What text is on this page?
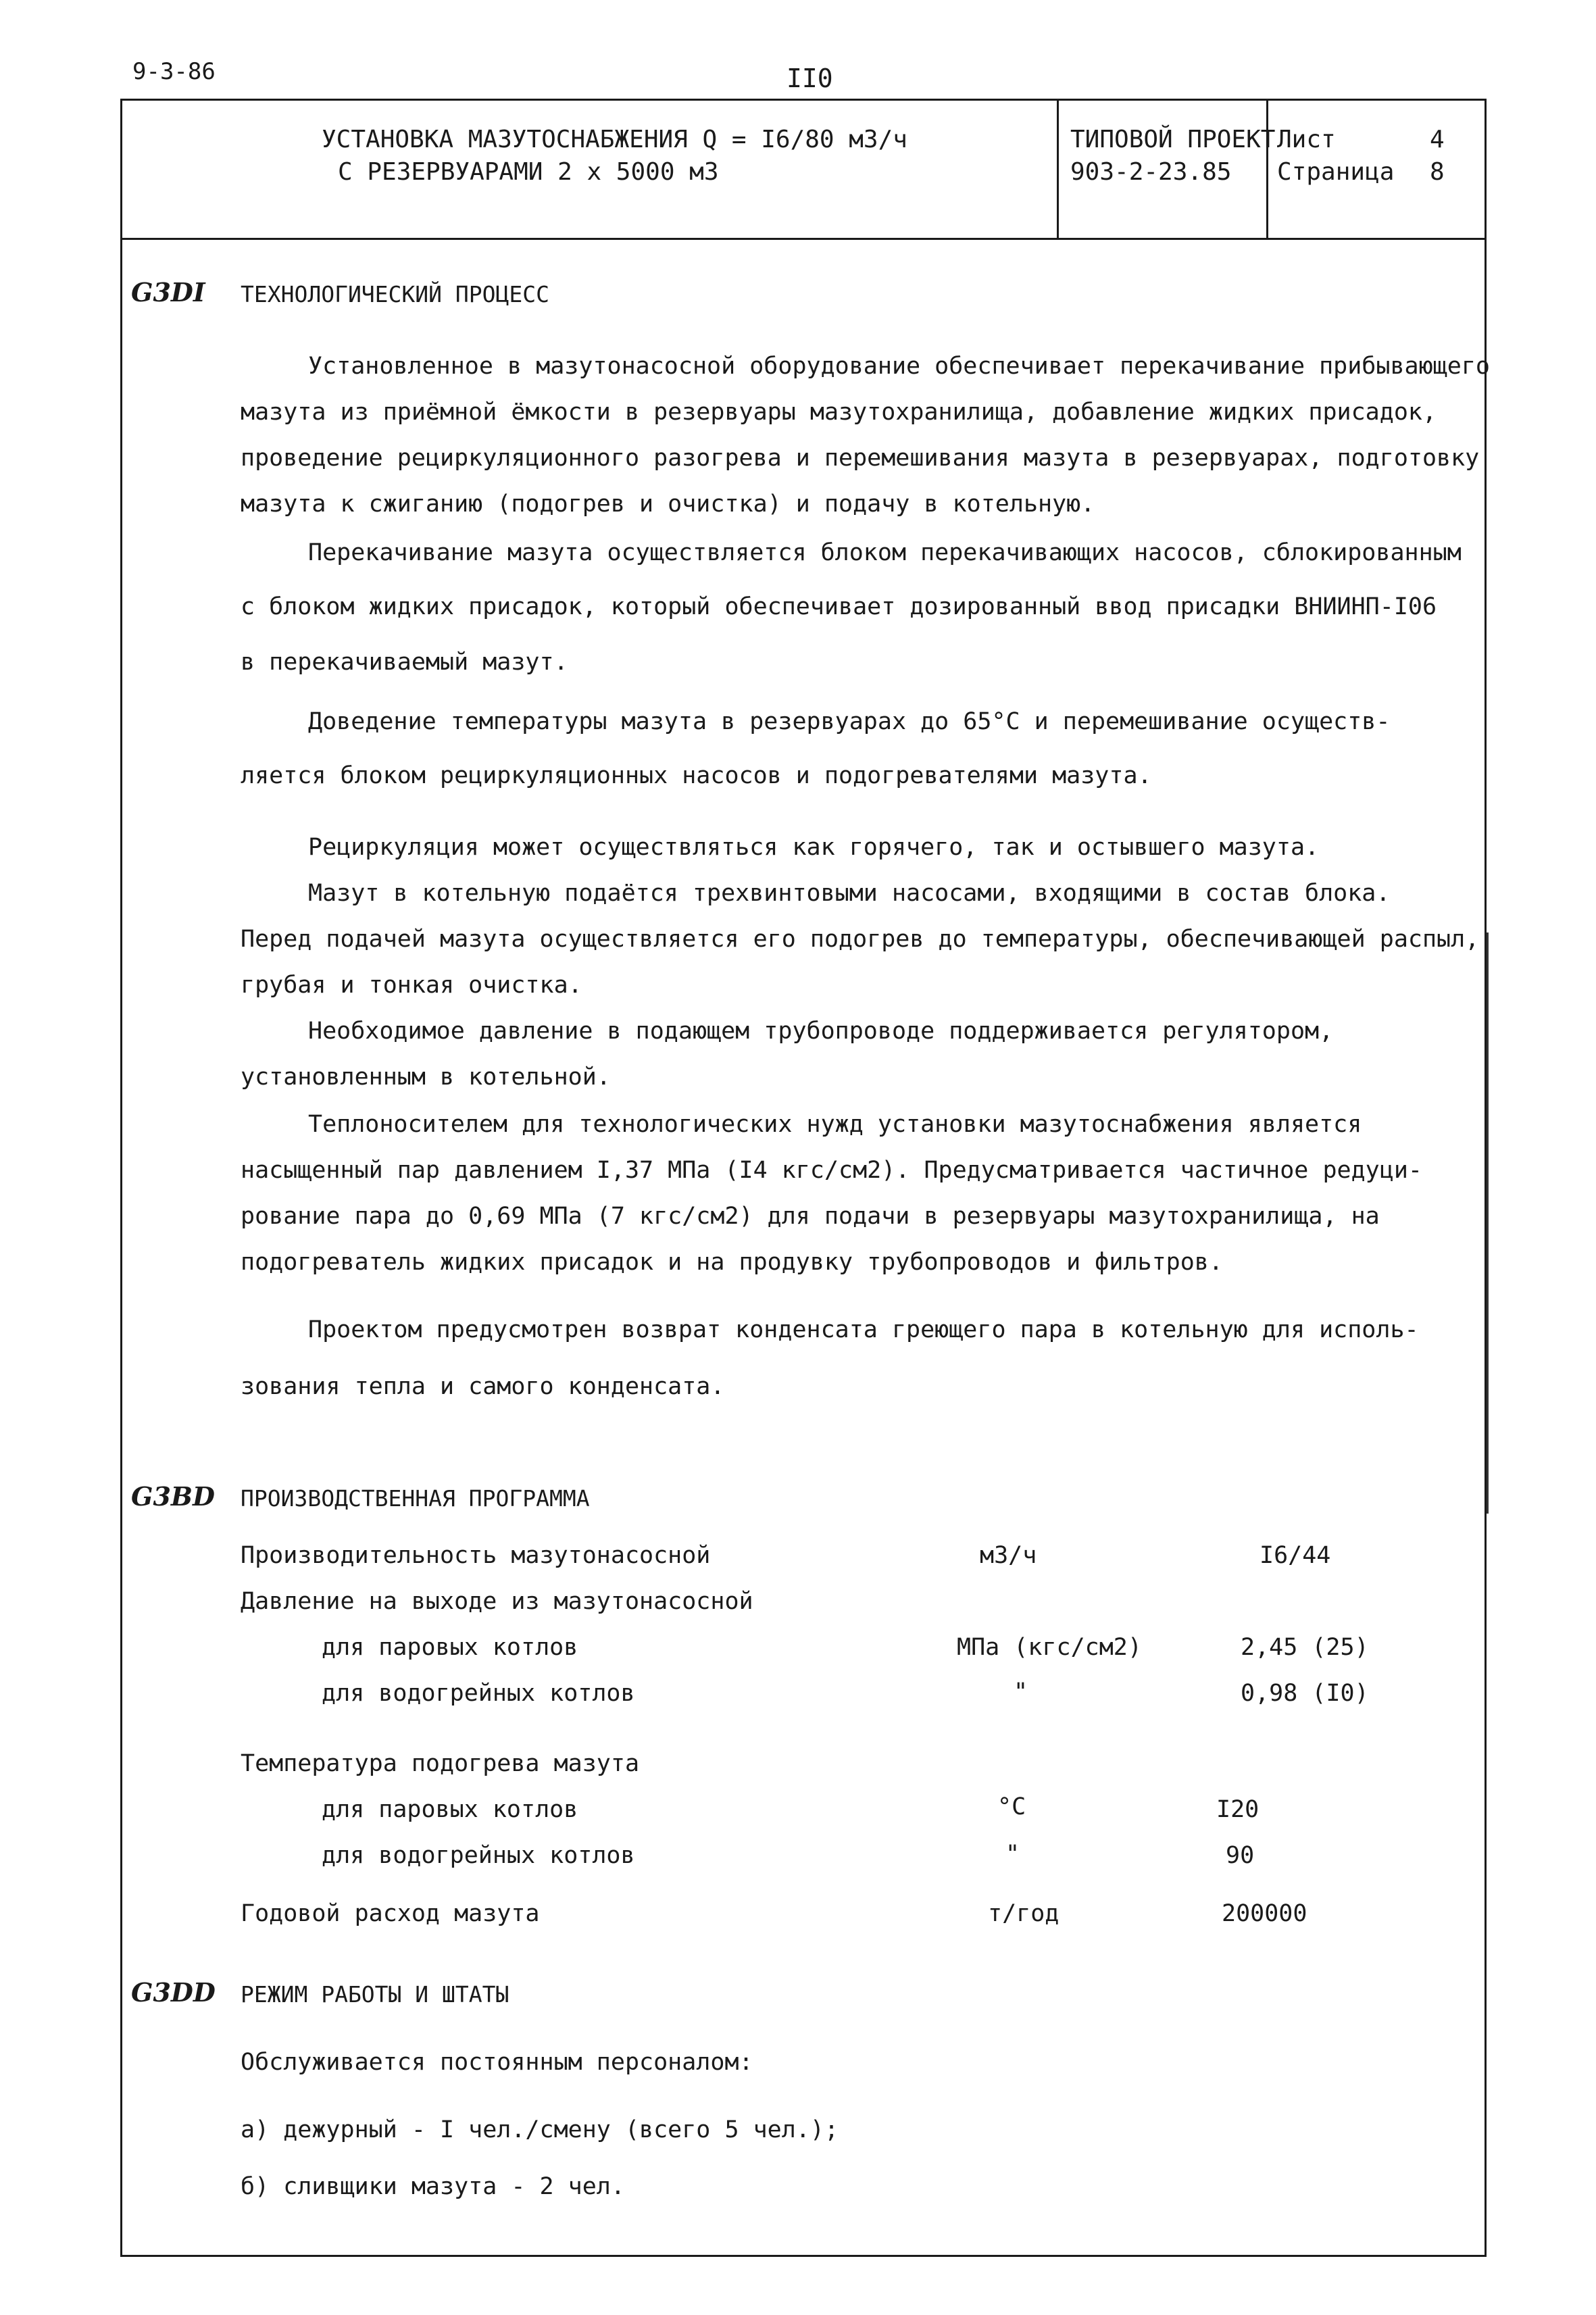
9-3-86	II0
УСТАНОВКА МАЗУТОСНАБЖЕНИЯ Q = I6/80 м3/ч
С РЕЗЕРВУАРАМИ 2 x 5000 м3
ТИПОВОЙ ПРОЕКТ
903-2-23.85
Лист	4
Страница 8
G3DI ТЕХНОЛОГИЧЕСКИЙ ПРОЦЕСС
Установленное в мазутонасосной оборудование обеспечивает перекачивание прибывающего
мазута из приёмной ёмкости в резервуары мазутохранилища, добавление жидких присадок,
проведение рециркуляционного разогрева и перемешивания мазута в резервуарах, подготовку
мазута к сжиганию (подогрев и очистка) и подачу в котельную.
Перекачивание мазута осуществляется блоком перекачивающих насосов, сблокированным
с блоком жидких присадок, который обеспечивает дозированный ввод присадки ВНИИНП-I06
в перекачиваемый мазут.
Доведение температуры мазута в резервуарах до 65°С и перемешивание осуществ-
ляется блоком рециркуляционных насосов и подогревателями мазута.
Рециркуляция может осуществляться как горячего, так и остывшего мазута.
Мазут в котельную подаётся трехвинтовыми насосами, входящими в состав блока.
Перед подачей мазута осуществляется его подогрев до температуры, обеспечивающей распыл,
грубая и тонкая очистка.
Необходимое давление в подающем трубопроводе поддерживается регулятором,
установленным в котельной.
Теплоносителем для технологических нужд установки мазутоснабжения является
насыщенный пар давлением I,37 МПа (I4 кгс/см2). Предусматривается частичное редуци-
рование пара до 0,69 МПа (7 кгс/см2) для подачи в резервуары мазутохранилища, на
подогреватель жидких присадок и на продувку трубопроводов и фильтров.
Проектом предусмотрен возврат конденсата греющего пара в котельную для исполь-
зования тепла и самого конденсата.
G3BD ПРОИЗВОДСТВЕННАЯ ПРОГРАММА
Производительность мазутонасосной	м3/ч	I6/44
Давление на выходе из мазутонасосной
для паровых котлов	МПа (кгс/см2)	2,45 (25)
для водогрейных котлов	"	0,98 (I0)
Температура подогрева мазута
для паровых котлов	°С	I20
для водогрейных котлов	"	90
Годовой расход мазута	т/год	200000
G3DD РЕЖИМ РАБОТЫ И ШТАТЫ
Обслуживается постоянным персоналом:
а) дежурный - I чел./смену (всего 5 чел.);
б) сливщики мазута - 2 чел.
